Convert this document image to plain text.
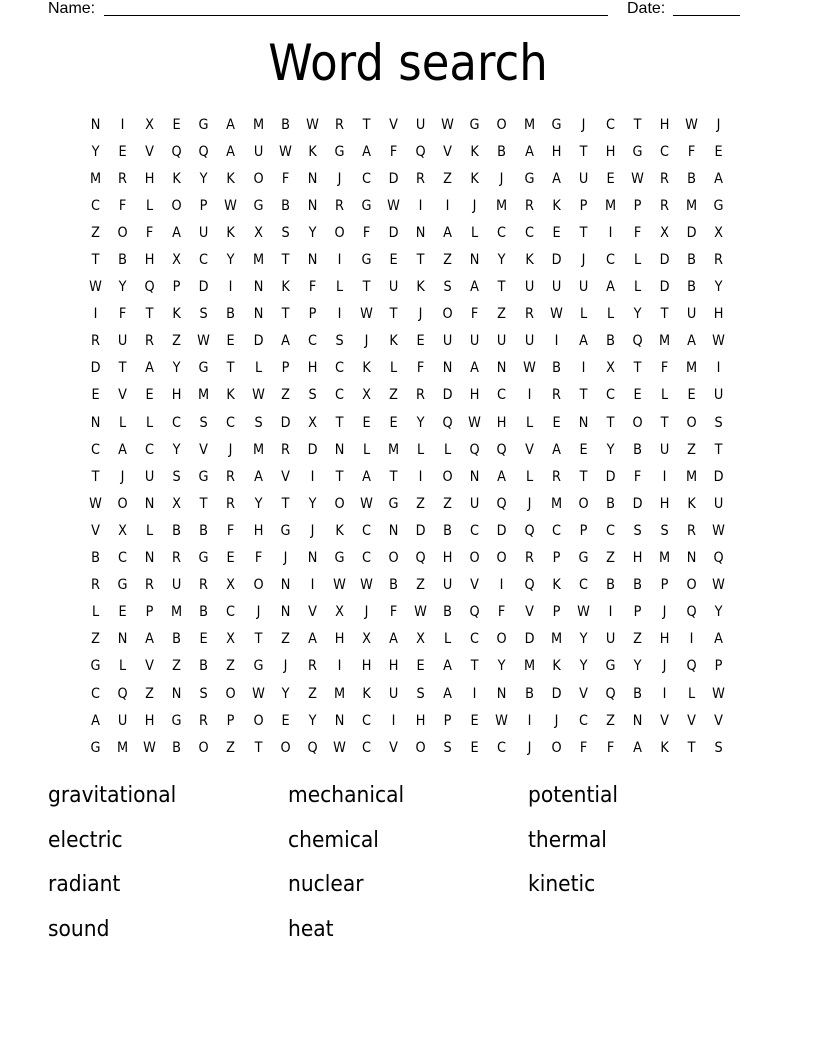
Name:	Date:
Word search
N	I	X	E	G	A	M	B	W	R	T	V	U	W	G	O	M	G	J	C	T	H	W	J
Y	E	V	Q	Q	A	U	W	K	G	A	F	Q	V	K	B	A	H	T	H	G	C	F	E
M	R	H	K	Y	K	O	F	N	J	C	D	R	Z	K	J	G	A	U	E	W	R	B	A
C	F	L	O	P	W	G	B	N	R	G	W	I	I	J	M	R	K	P	M	P	R	M	G
Z	O	F	A	U	K	X	S	Y	O	F	D	N	A	L	C	C	E	T	I	F	X	D	X
T	B	H	X	C	Y	M	T	N	I	G	E	T	Z	N	Y	K	D	J	C	L	D	B	R
W	Y	Q	P	D	I	N	K	F	L	T	U	K	S	A	T	U	U	U	A	L	D	B	Y
I	F	T	K	S	B	N	T	P	I	W	T	J	O	F	Z	R	W	L	L	Y	T	U	H
R	U	R	Z	W	E	D	A	C	S	J	K	E	U	U	U	U	I	A	B	Q	M	A	W
D	T	A	Y	G	T	L	P	H	C	K	L	F	N	A	N	W	B	I	X	T	F	M	I
E	V	E	H	M	K	W	Z	S	C	X	Z	R	D	H	C	I	R	T	C	E	L	E	U
N	L	L	C	S	C	S	D	X	T	E	E	Y	Q	W	H	L	E	N	T	O	T	O	S
C	A	C	Y	V	J	M	R	D	N	L	M	L	L	Q	Q	V	A	E	Y	B	U	Z	T
T	J	U	S	G	R	A	V	I	T	A	T	I	O	N	A	L	R	T	D	F	I	M	D
W	O	N	X	T	R	Y	T	Y	O	W	G	Z	Z	U	Q	J	M	O	B	D	H	K	U
V	X	L	B	B	F	H	G	J	K	C	N	D	B	C	D	Q	C	P	C	S	S	R	W
B	C	N	R	G	E	F	J	N	G	C	O	Q	H	O	O	R	P	G	Z	H	M	N	Q
R	G	R	U	R	X	O	N	I	W	W	B	Z	U	V	I	Q	K	C	B	B	P	O	W
L	E	P	M	B	C	J	N	V	X	J	F	W	B	Q	F	V	P	W	I	P	J	Q	Y
Z	N	A	B	E	X	T	Z	A	H	X	A	X	L	C	O	D	M	Y	U	Z	H	I	A
G	L	V	Z	B	Z	G	J	R	I	H	H	E	A	T	Y	M	K	Y	G	Y	J	Q	P
C	Q	Z	N	S	O	W	Y	Z	M	K	U	S	A	I	N	B	D	V	Q	B	I	L	W
A	U	H	G	R	P	O	E	Y	N	C	I	H	P	E	W	I	J	C	Z	N	V	V	V
G	M	W	B	O	Z	T	O	Q	W	C	V	O	S	E	C	J	O	F	F	A	K	T	S
gravitational	mechanical	potential
electric	chemical	thermal
radiant	nuclear	kinetic
sound	heat
